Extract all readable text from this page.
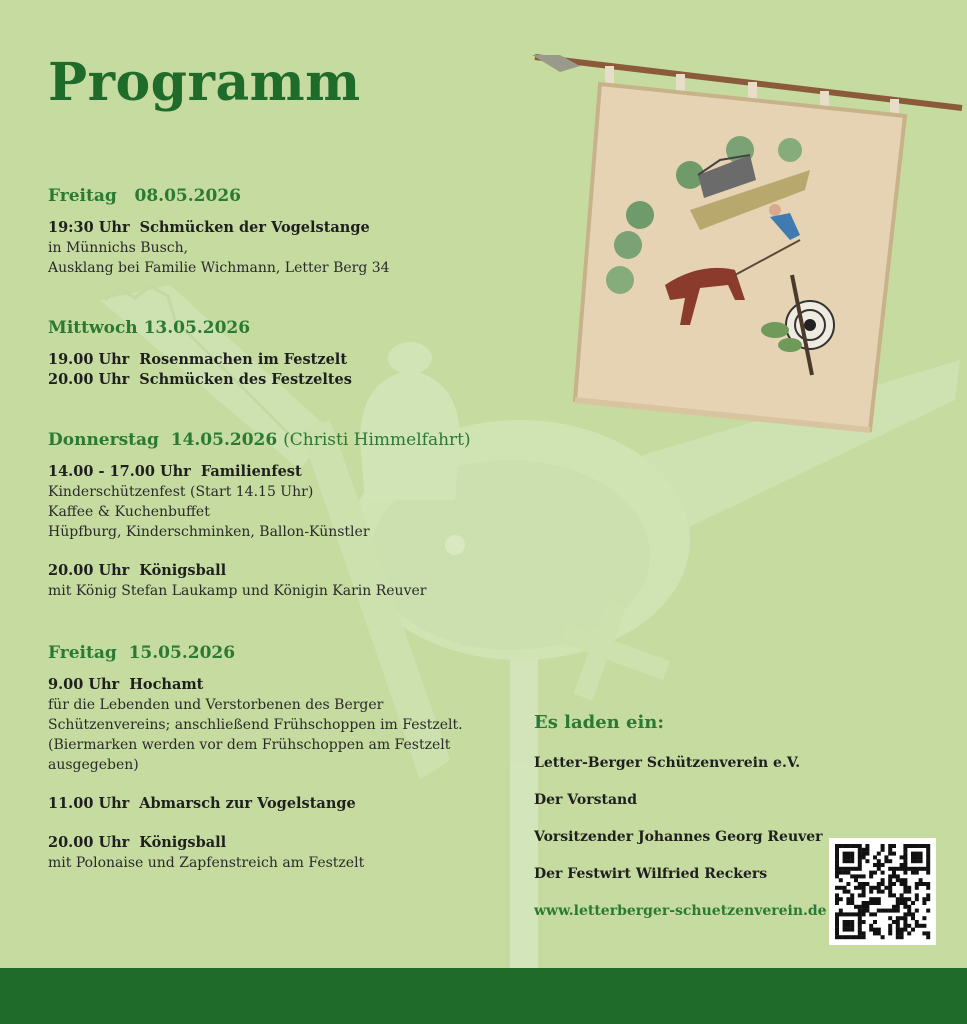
Programm
Freitag   08.05.2026
19:30 Uhr Schmücken der Vogelstange
in Münnichs Busch,
Ausklang bei Familie Wichmann, Letter Berg 34
Mittwoch 13.05.2026
19.00 Uhr Rosenmachen im Festzelt
20.00 Uhr Schmücken des Festzeltes
Donnerstag  14.05.2026 (Christi Himmelfahrt)
14.00 - 17.00 Uhr Familienfest
Kinderschützenfest (Start 14.15 Uhr)
Kaffee & Kuchenbuffet
Hüpfburg, Kinderschminken, Ballon-Künstler
20.00 Uhr Königsball
mit König Stefan Laukamp und Königin Karin Reuver
Freitag  15.05.2026
9.00 Uhr Hochamt
für die Lebenden und Verstorbenen des Berger
Schützenvereins; anschließend Frühschoppen im Festzelt.
(Biermarken werden vor dem Frühschoppen am Festzelt
ausgegeben)
11.00 Uhr Abmarsch zur Vogelstange
20.00 Uhr Königsball
mit Polonaise und Zapfenstreich am Festzelt
Es laden ein:
Letter-Berger Schützenverein e.V.
Der Vorstand
Vorsitzender Johannes Georg Reuver
Der Festwirt Wilfried Reckers
www.letterberger-schuetzenverein.de
